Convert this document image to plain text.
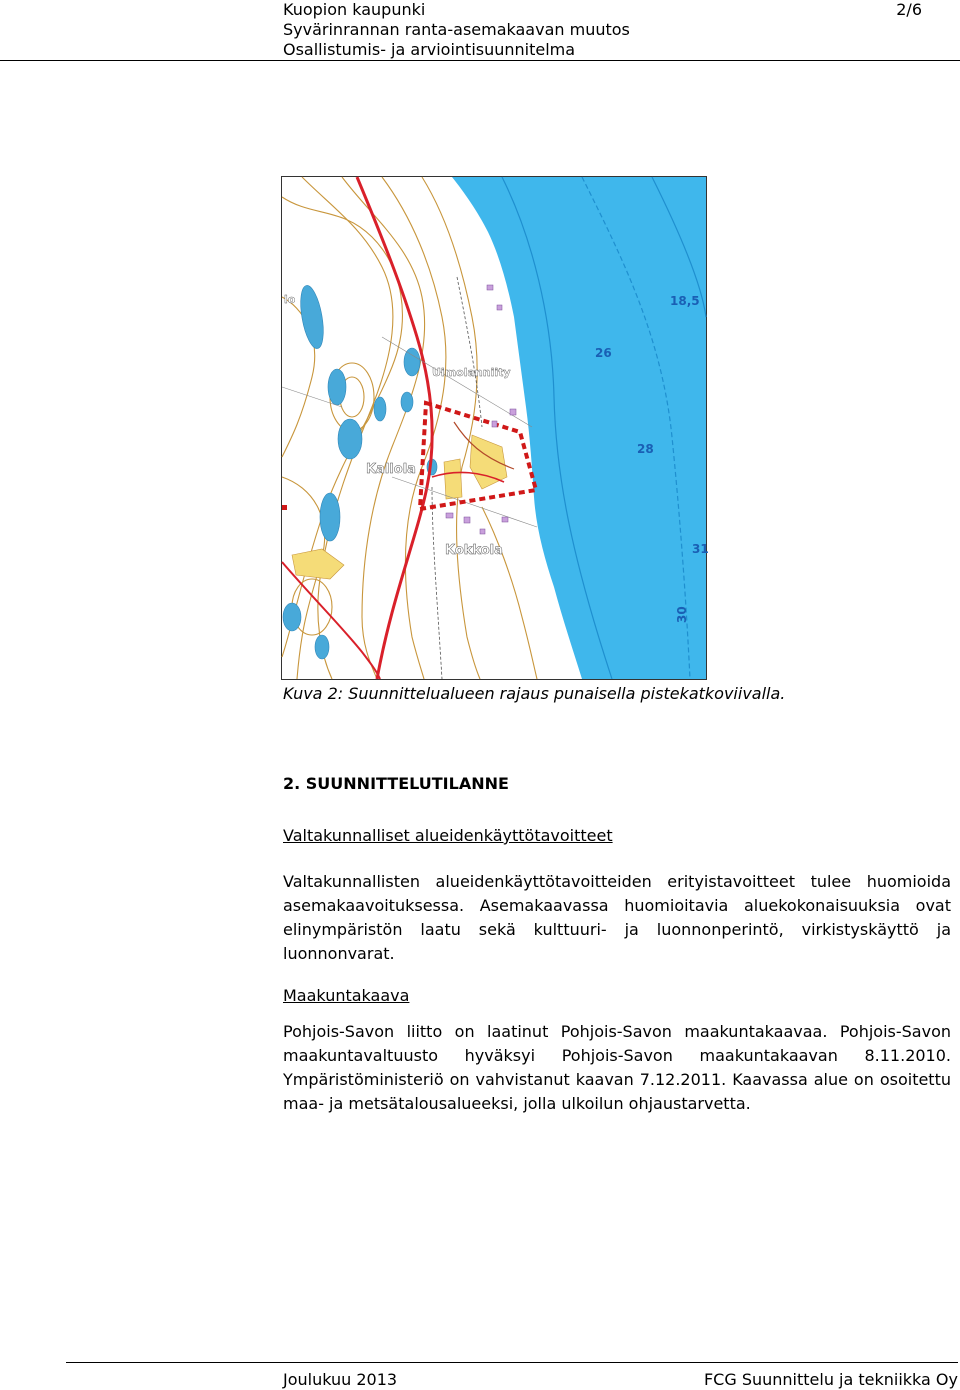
Kuopion kaupunki
Syvärinrannan ranta-asemakaavan muutos
Osallistumis- ja arviointisuunnitelma
2/6
Uimolanniity
Kallola
Kokkola
lo	18,5
26
28
31
30
Kuva 2: Suunnittelualueen rajaus punaisella pistekatkoviivalla.
2. SUUNNITTELUTILANNE
Valtakunnalliset alueidenkäyttötavoitteet
Valtakunnallisten alueidenkäyttötavoitteiden erityistavoitteet tulee huomioida asemakaavoituksessa. Asemakaavassa huomioitavia aluekokonaisuuksia ovat elinympäristön laatu sekä kulttuuri- ja luonnonperintö, virkistyskäyttö ja luonnonvarat.
Maakuntakaava
Pohjois-Savon liitto on laatinut Pohjois-Savon maakuntakaavaa. Pohjois-Savon maakuntavaltuusto hyväksyi Pohjois-Savon maakuntakaavan 8.11.2010. Ympäristöministeriö on vahvistanut kaavan 7.12.2011. Kaavassa alue on osoitettu maa- ja metsätalousalueeksi, jolla ulkoilun ohjaustarvetta.
Joulukuu 2013	FCG Suunnittelu ja tekniikka Oy
